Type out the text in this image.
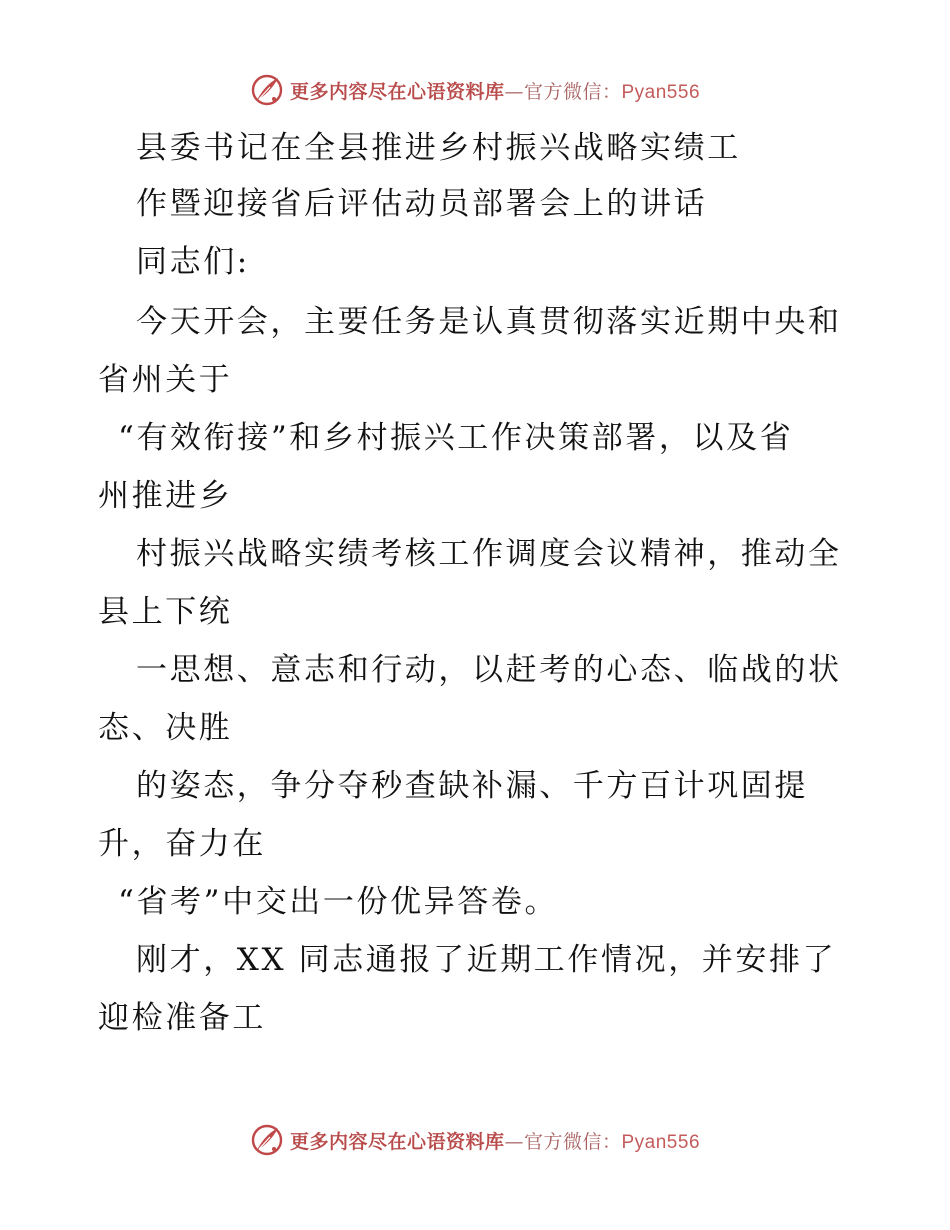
更多内容尽在心语资料库—官方微信：Pyan556
县委书记在全县推进乡村振兴战略实绩工
作暨迎接省后评估动员部署会上的讲话
同志们:
今天开会，主要任务是认真贯彻落实近期中央和
省州关于
“有效衔接”和乡村振兴工作决策部署，以及省
州推进乡
村振兴战略实绩考核工作调度会议精神，推动全
县上下统
一思想、意志和行动，以赶考的心态、临战的状
态、决胜
的姿态，争分夺秒查缺补漏、千方百计巩固提
升，奋力在
“省考”中交出一份优异答卷。
刚才，XX 同志通报了近期工作情况，并安排了
迎检准备工
更多内容尽在心语资料库—官方微信：Pyan556
